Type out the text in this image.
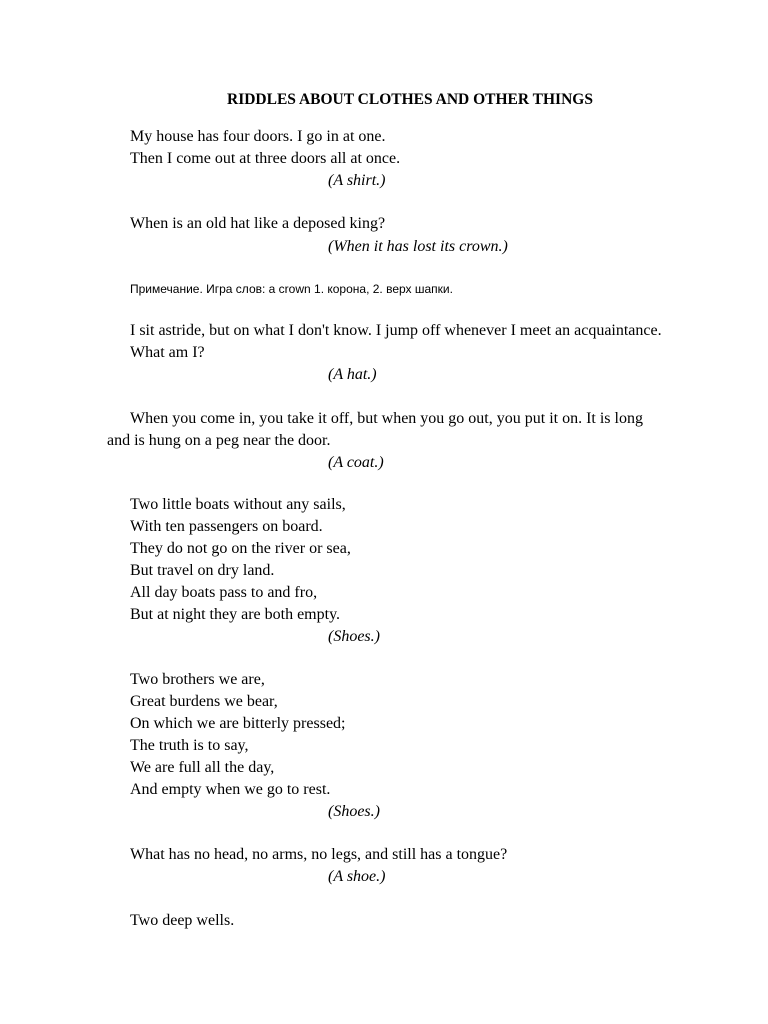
RIDDLES ABOUT CLOTHES AND OTHER THINGS
My house has four doors. I go in at one.
Then I come out at three doors all at once.
(A shirt.)
When is an old hat like a deposed king?
(When it has lost its crown.)
Примечание. Игра слов: a crown 1. корона, 2. верх шапки.
I sit astride, but on what I don't know. I jump off whenever I meet an acquaintance.
What am I?
(A hat.)
When you come in, you take it off, but when you go out, you put it on. It is long
and is hung on a peg near the door.
(A coat.)
Two little boats without any sails,
With ten passengers on board.
They do not go on the river or sea,
But travel on dry land.
All day boats pass to and fro,
But at night they are both empty.
(Shoes.)
Two brothers we are,
Great burdens we bear,
On which we are bitterly pressed;
The truth is to say,
We are full all the day,
And empty when we go to rest.
(Shoes.)
What has no head, no arms, no legs, and still has a tongue?
(A shoe.)
Two deep wells.
